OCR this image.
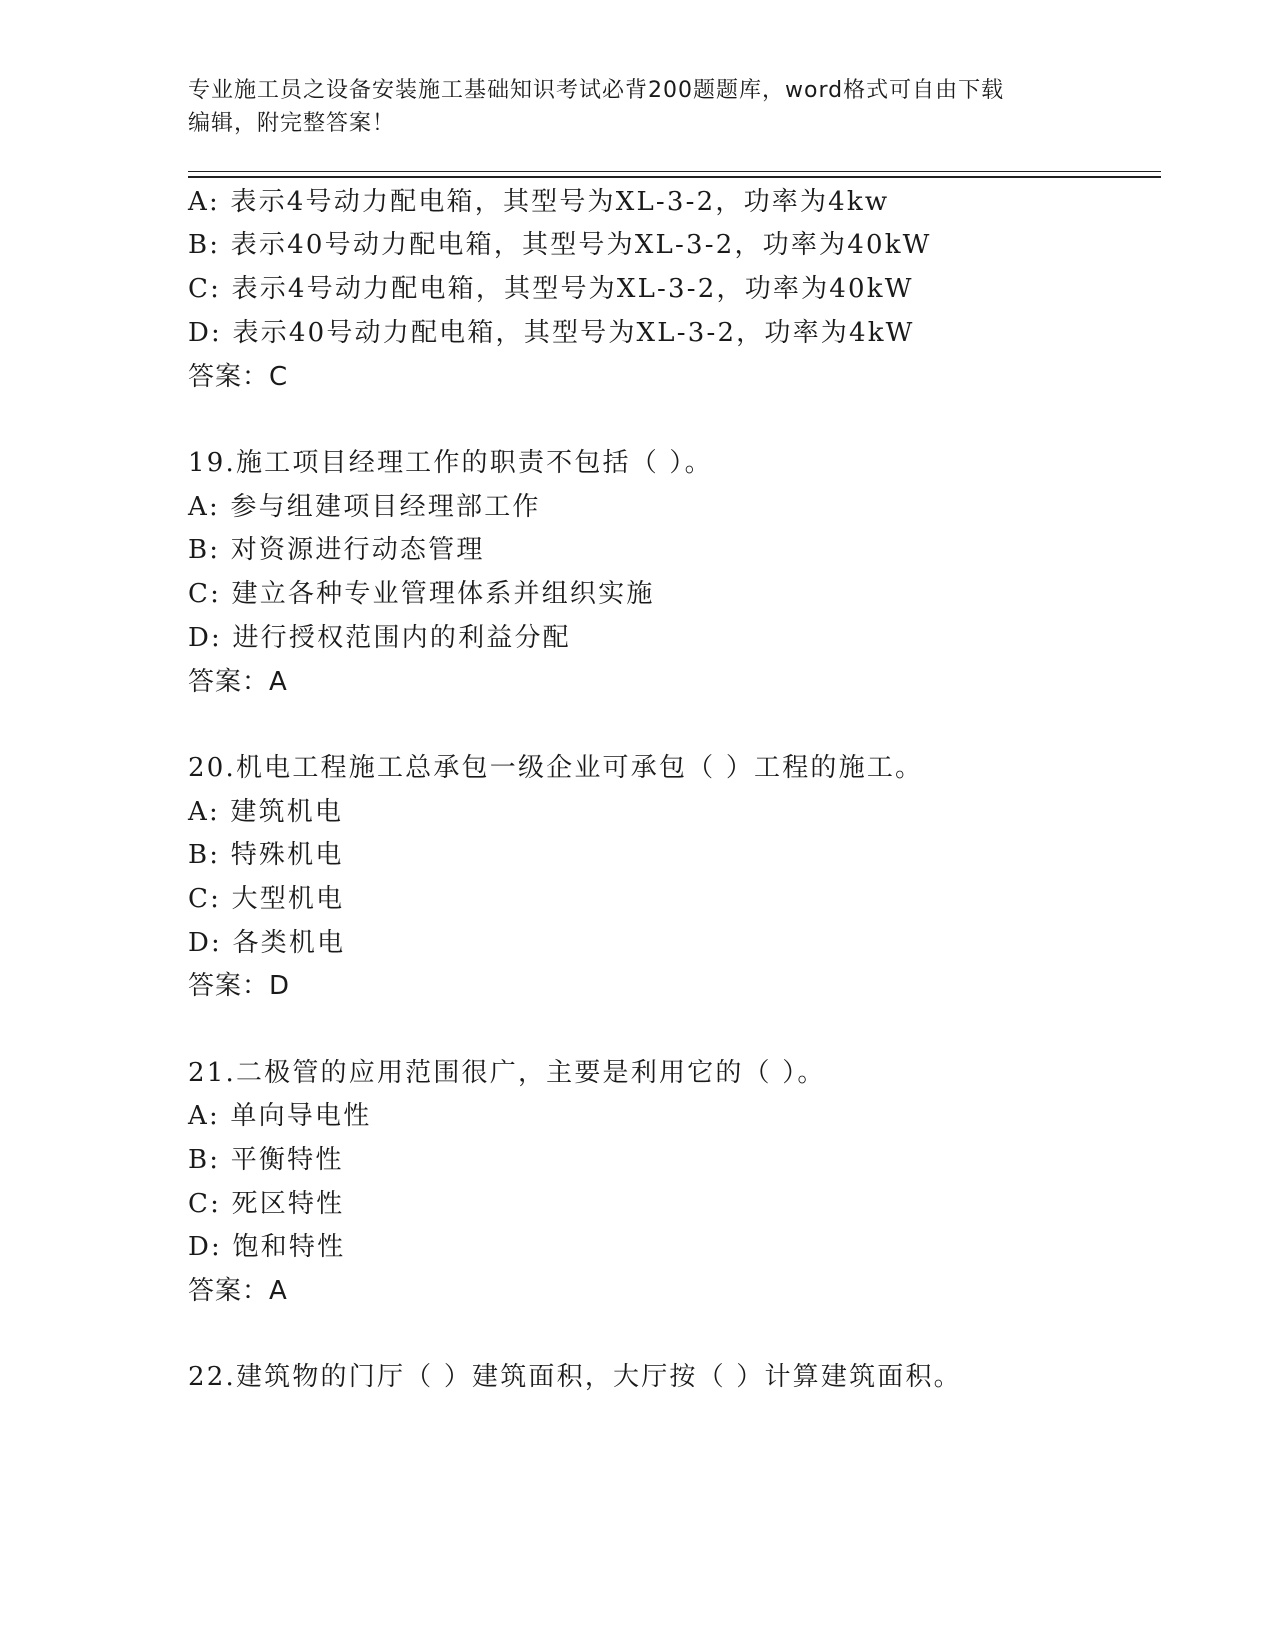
专业施工员之设备安装施工基础知识考试必背200题题库，word格式可自由下载
编辑，附完整答案！
A: 表示4号动力配电箱，其型号为XL-3-2，功率为4kw
B: 表示40号动力配电箱，其型号为XL-3-2，功率为40kW
C: 表示4号动力配电箱，其型号为XL-3-2，功率为40kW
D: 表示40号动力配电箱，其型号为XL-3-2，功率为4kW
答案：C
19.施工项目经理工作的职责不包括（ ）。
A: 参与组建项目经理部工作
B: 对资源进行动态管理
C: 建立各种专业管理体系并组织实施
D: 进行授权范围内的利益分配
答案：A
20.机电工程施工总承包一级企业可承包（ ）工程的施工。
A: 建筑机电
B: 特殊机电
C: 大型机电
D: 各类机电
答案：D
21.二极管的应用范围很广，主要是利用它的（ ）。
A: 单向导电性
B: 平衡特性
C: 死区特性
D: 饱和特性
答案：A
22.建筑物的门厅（ ）建筑面积，大厅按（ ）计算建筑面积。
